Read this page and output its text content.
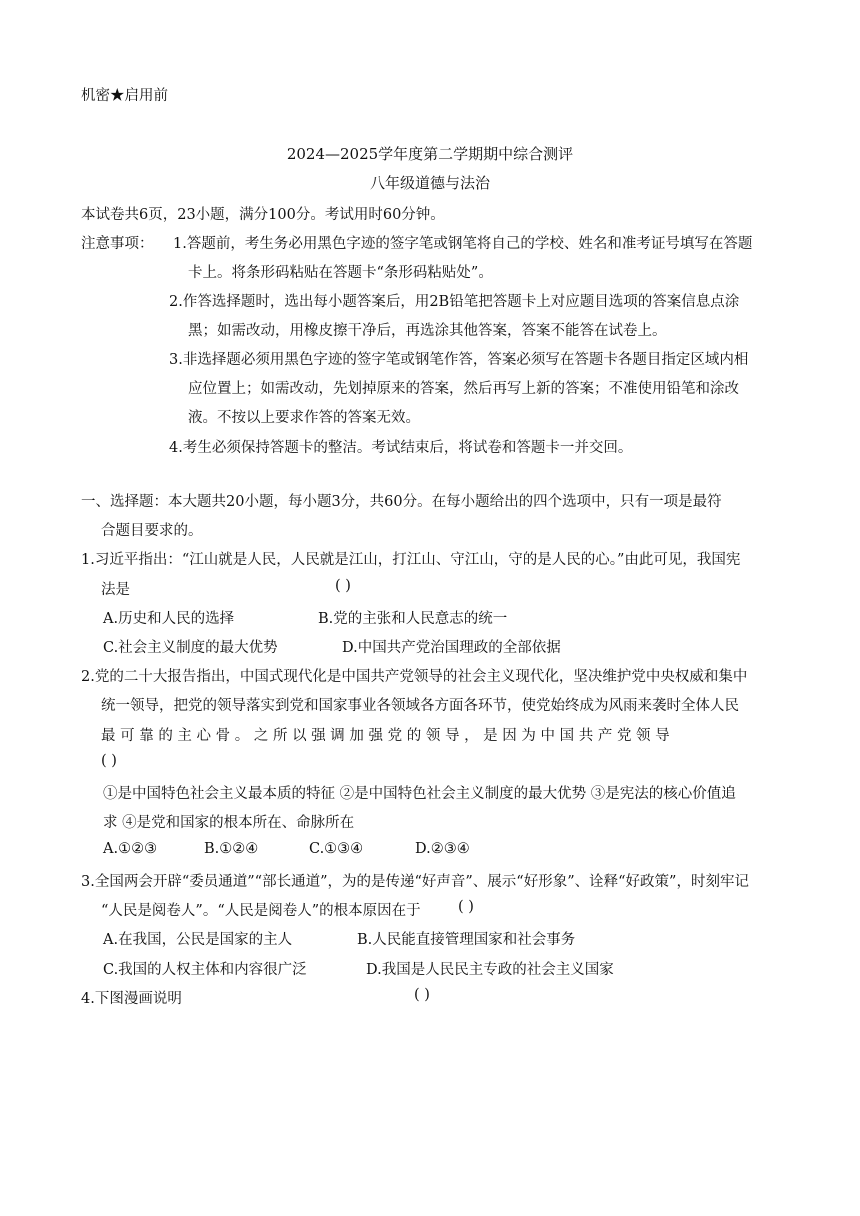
机密★启用前
2024—2025学年度第二学期期中综合测评
八年级道德与法治
本试卷共6页，23小题，满分100分。考试用时60分钟。
注意事项： 1.答题前，考生务必用黑色字迹的签字笔或钢笔将自己的学校、姓名和准考证号填写在答题
卡上。将条形码粘贴在答题卡“条形码粘贴处”。
2.作答选择题时，选出每小题答案后，用2B铅笔把答题卡上对应题目选项的答案信息点涂
黑；如需改动，用橡皮擦干净后，再选涂其他答案，答案不能答在试卷上。
3.非选择题必须用黑色字迹的签字笔或钢笔作答，答案必须写在答题卡各题目指定区域内相
应位置上；如需改动，先划掉原来的答案，然后再写上新的答案；不准使用铅笔和涂改
液。不按以上要求作答的答案无效。
4.考生必须保持答题卡的整洁。考试结束后，将试卷和答题卡一并交回。
一、选择题：本大题共20小题，每小题3分，共60分。在每小题给出的四个选项中，只有一项是最符
合题目要求的。
1.习近平指出：“江山就是人民，人民就是江山，打江山、守江山，守的是人民的心。”由此可见，我国宪
法是	( )
A.历史和人民的选择	B.党的主张和人民意志的统一
C.社会主义制度的最大优势	D.中国共产党治国理政的全部依据
2.党的二十大报告指出，中国式现代化是中国共产党领导的社会主义现代化，坚决维护党中央权威和集中
统一领导，把党的领导落实到党和国家事业各领域各方面各环节，使党始终成为风雨来袭时全体人民
最 可 靠 的 主 心 骨 。 之 所 以 强 调 加 强 党 的 领 导 ， 是 因 为 中 国 共 产 党 领 导
( )
①是中国特色社会主义最本质的特征 ②是中国特色社会主义制度的最大优势 ③是宪法的核心价值追
求 ④是党和国家的根本所在、命脉所在
A.①②③	B.①②④	C.①③④	D.②③④
3.全国两会开辟“委员通道”“部长通道”，为的是传递“好声音”、展示“好形象”、诠释“好政策”，时刻牢记
“人民是阅卷人”。“人民是阅卷人”的根本原因在于	( )
A.在我国，公民是国家的主人	B.人民能直接管理国家和社会事务
C.我国的人权主体和内容很广泛	D.我国是人民民主专政的社会主义国家
4.下图漫画说明	( )
